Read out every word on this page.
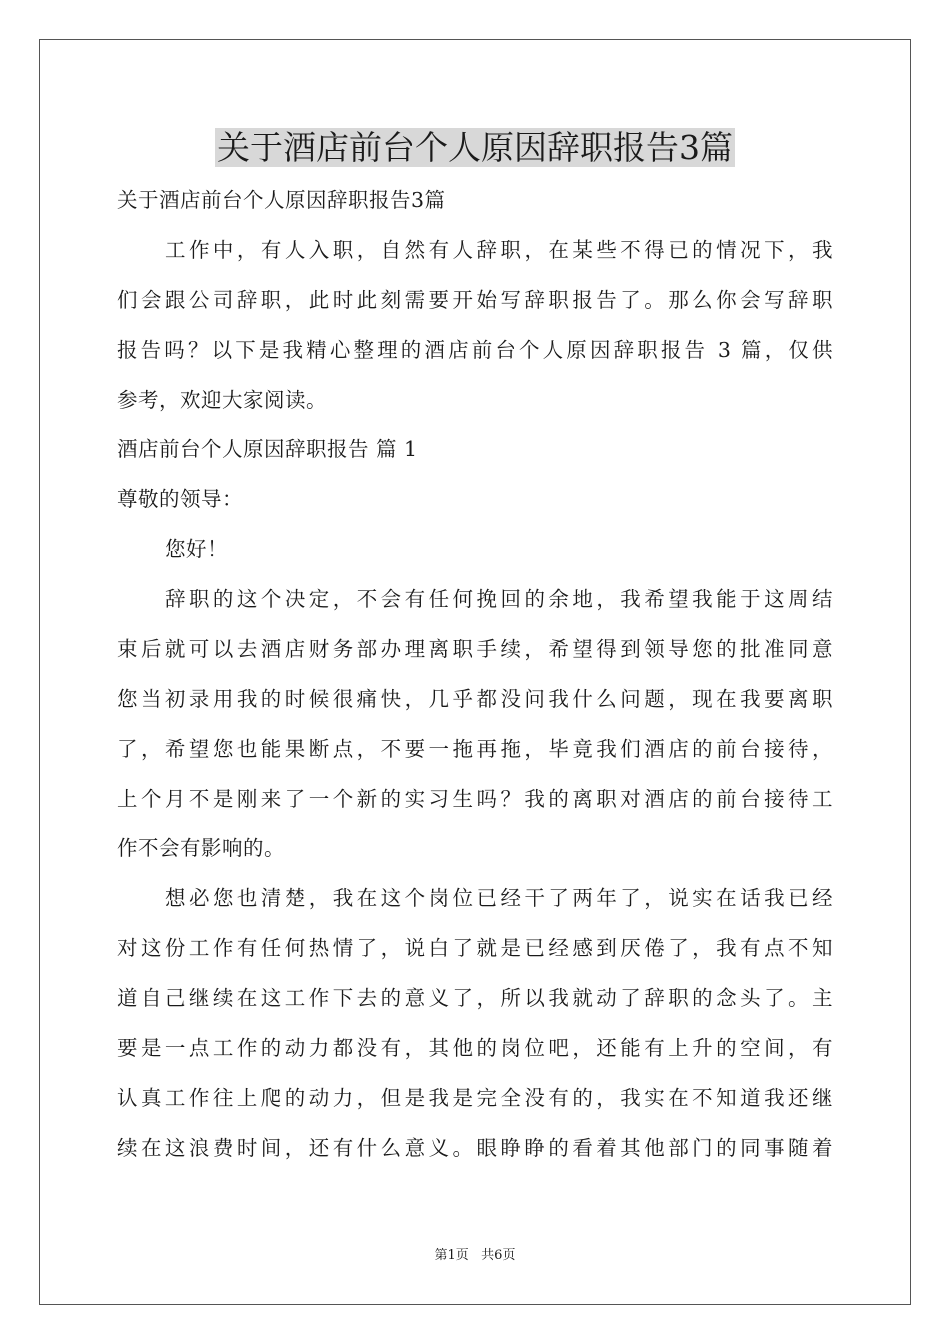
关于酒店前台个人原因辞职报告3篇
关于酒店前台个人原因辞职报告3篇
工作中，有人入职，自然有人辞职，在某些不得已的情况下，我
们会跟公司辞职，此时此刻需要开始写辞职报告了。那么你会写辞职
报告吗？以下是我精心整理的酒店前台个人原因辞职报告 3 篇，仅供
参考，欢迎大家阅读。
酒店前台个人原因辞职报告 篇 1
尊敬的领导：
您好！
辞职的这个决定，不会有任何挽回的余地，我希望我能于这周结
束后就可以去酒店财务部办理离职手续，希望得到领导您的批准同意
您当初录用我的时候很痛快，几乎都没问我什么问题，现在我要离职
了，希望您也能果断点，不要一拖再拖，毕竟我们酒店的前台接待，
上个月不是刚来了一个新的实习生吗？我的离职对酒店的前台接待工
作不会有影响的。
想必您也清楚，我在这个岗位已经干了两年了，说实在话我已经
对这份工作有任何热情了，说白了就是已经感到厌倦了，我有点不知
道自己继续在这工作下去的意义了，所以我就动了辞职的念头了。主
要是一点工作的动力都没有，其他的岗位吧，还能有上升的空间，有
认真工作往上爬的动力，但是我是完全没有的，我实在不知道我还继
续在这浪费时间，还有什么意义。眼睁睁的看着其他部门的同事随着
第1页   共6页
